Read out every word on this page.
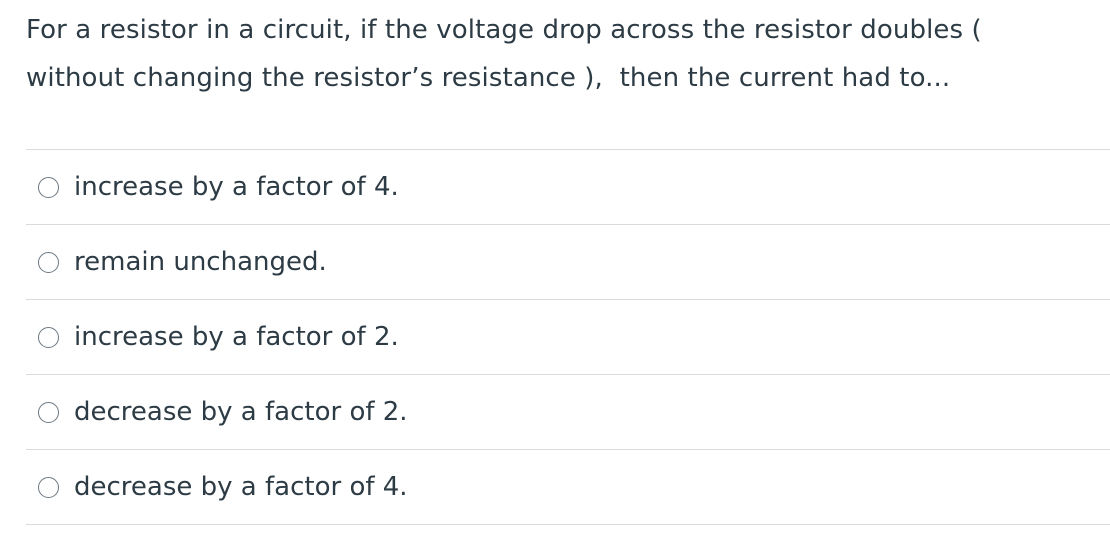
For a resistor in a circuit, if the voltage drop across the resistor doubles (
without changing the resistor’s resistance ),  then the current had to...
increase by a factor of 4.
remain unchanged.
increase by a factor of 2.
decrease by a factor of 2.
decrease by a factor of 4.
